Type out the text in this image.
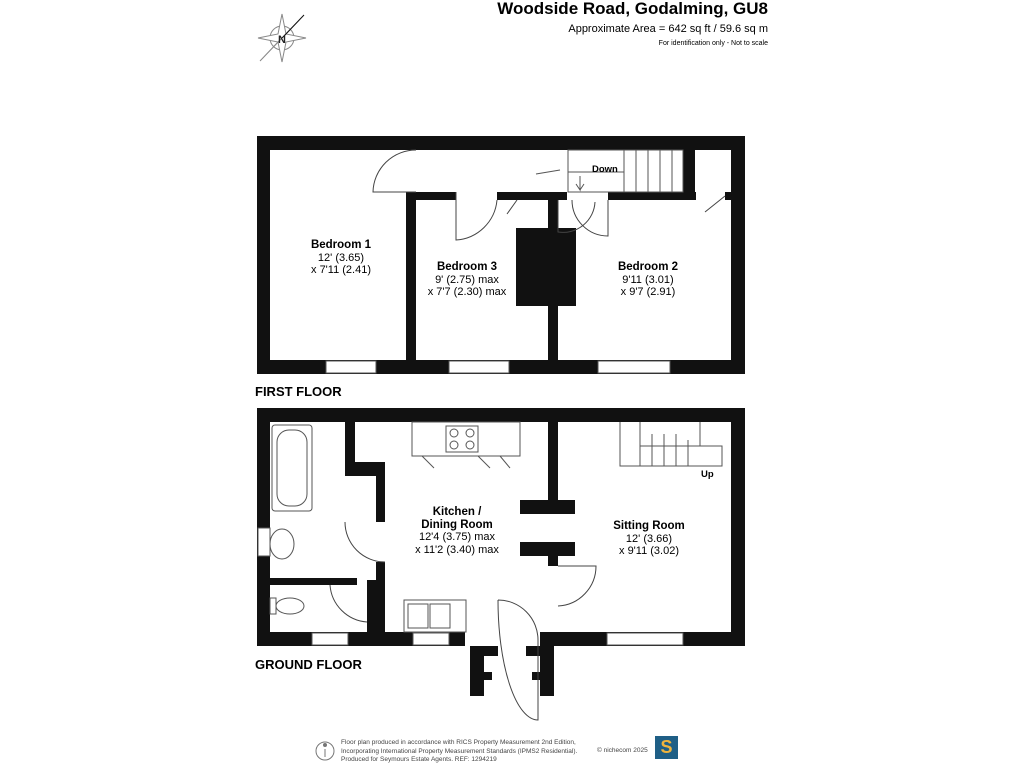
N
Woodside Road, Godalming, GU8
Approximate Area = 642 sq ft / 59.6 sq m
For identification only - Not to scale
Down
Bedroom 1
12' (3.65)
x 7'11 (2.41)	Bedroom 3
9' (2.75) max
x 7'7 (2.30) max
Bedroom 2
9'11 (3.01)
x 9'7 (2.91)
FIRST FLOOR
Up
Kitchen /
Dining Room
12'4 (3.75) max
x 11'2 (3.40) max
Sitting Room
12' (3.66)
x 9'11 (3.02)
GROUND FLOOR
Floor plan produced in accordance with RICS Property Measurement 2nd Edition,
Incorporating International Property Measurement Standards (IPMS2 Residential).
Produced for Seymours Estate Agents. REF: 1294219
© nichecom 2025 S
